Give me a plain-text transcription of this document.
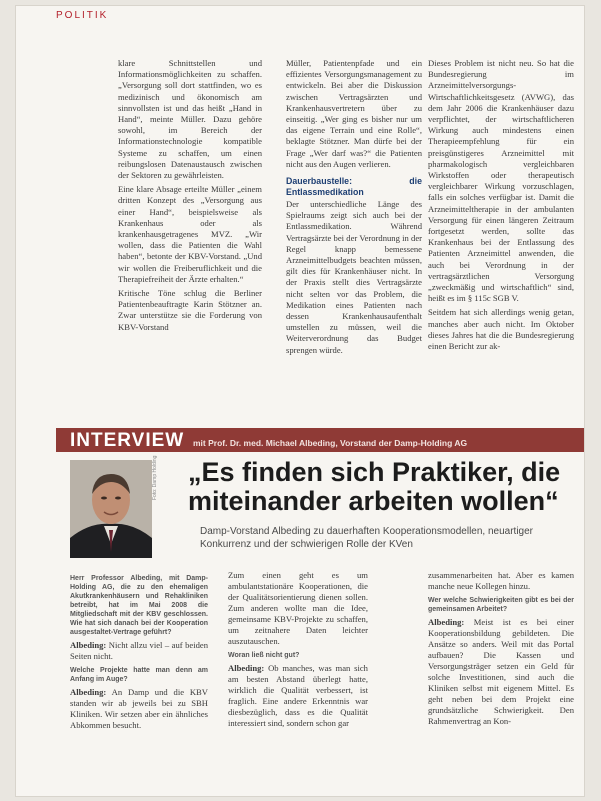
POLITIK

klare Schnittstellen und Informationsmöglichkeiten zu schaffen. „Versorgung soll dort stattfinden, wo es medizinisch und ökonomisch am sinnvollsten ist und das heißt „Hand in Hand“, meinte Müller. Dazu gehöre sowohl, im Bereich der Informationstechnologie kompatible Systeme zu schaffen, um einen reibungslosen Datenaustausch zwischen der Sektoren zu gewährleisten.

Eine klare Absage erteilte Müller „einem dritten Konzept des „Versorgung aus einer Hand“, beispielsweise als Krankenhaus oder als krankenhausgetragenes MVZ. „Wir wollen, dass die Patienten die Wahl haben“, betonte der KBV-Vorstand. „Und wir wollen die Freiberuflichkeit und die Therapiefreiheit der Ärzte erhalten.“

Kritische Töne schlug die Berliner Patientenbeauftragte Karin Stötzner an. Zwar unterstütze sie die Forderung von KBV-Vorstand

Müller, Patientenpfade und ein effizientes Versorgungsmanagement zu entwickeln. Bei aber die Diskussion zwischen Vertragsärzten und Krankenhausvertretern über zu einseitig. „Wer ging es bisher nur um das eigene Terrain und eine Rolle“, beklagte Stötzner. Man dürfe bei der Frage „Wer darf was?“ die Patienten nicht aus den Augen verlieren.

Dauerbaustelle: die Entlassmedikation

Der unterschiedliche Länge des Spielraums zeigt sich auch bei der Entlassmedikation. Während Vertragsärzte bei der Verordnung in der Regel knapp bemessene Arzneimittelbudgets beachten müssen, gilt dies für Krankenhäuser nicht. In der Praxis stellt dies Vertragsärzte nicht selten vor das Problem, die Medikation eines Patienten nach dessen Krankenhausaufenthalt umstellen zu müssen, weil die Weiterverordnung das Budget sprengen würde.

Dieses Problem ist nicht neu. So hat die Bundesregierung im Arzneimittelversorgungs-Wirtschaftlichkeitsgesetz (AVWG), das dem Jahr 2006 die Krankenhäuser dazu verpflichtet, der wirtschaftlicheren Wirkung auch mindestens einen Therapieempfehlung für ein preisgünstigeres Arzneimittel mit pharmakologisch vergleichbaren Wirkstoffen oder therapeutisch vergleichbarer Wirkung vorzuschlagen, falls ein solches verfügbar ist. Damit die Arzneimitteltherapie in der ambulanten Versorgung für einen längeren Zeitraum fortgesetzt werden, sollte das Krankenhaus bei der Entlassung des Patienten Arzneimittel anwenden, die auch bei Verordnung in der vertragsärztlichen Versorgung „zweckmäßig und wirtschaftlich“ sind, heißt es im § 115c SGB V.

Seitdem hat sich allerdings wenig getan, manches aber auch nicht. Im Oktober dieses Jahres hat die die Bundesregierung einen Bericht zur ak-

INTERVIEW mit Prof. Dr. med. Michael Albeding, Vorstand der Damp-Holding AG
Foto: Damp Holding „Es finden sich Praktiker, die
miteinander arbeiten wollen“
Damp-Vorstand Albeding zu dauerhaften Kooperationsmodellen, neuartiger Konkurrenz und der schwierigen Rolle der KVen
Herr Professor Albeding, mit Damp-Holding AG, die zu den ehemaligen Akutkrankenhäusern und Rehakliniken betreibt, hat im Mai 2008 die Mitgliedschaft mit der KBV geschlossen. Wie hat sich danach bei der Kooperation ausgestaltet-Vertrage geführt?

Albeding: Nicht allzu viel – auf beiden Seiten nicht.

Welche Projekte hatte man denn am Anfang im Auge?

Albeding: An Damp und die KBV standen wir ab jeweils bei zu SBH Kliniken. Wir setzen aber ein ähnliches Abkommen besucht.

Zum einen geht es um ambulantstationäre Kooperationen, die der Qualitätsorientierung dienen sollen. Zum anderen wollte man die Idee, gemeinsame KBV-Projekte zu schaffen, um zeitnahere Daten leichter auszutauschen.

Woran ließ nicht gut?

Albeding: Ob manches, was man sich am besten Abstand überlegt hatte, wirklich die Qualität verbessert, ist fraglich. Eine andere Erkenntnis war diesbezüglich, dass es die Qualität interessiert sind, sondern schon gar

zusammenarbeiten hat. Aber es kamen manche neue Kollegen hinzu.

Wer welche Schwierigkeiten gibt es bei der gemeinsamen Arbeitet?

Albeding: Meist ist es bei einer Kooperationsbildung gebildeten. Die Ansätze so anders. Weil mit das Portal aufbauen? Die Kassen und Versorgungsträger setzen ein Geld für solche Investitionen, sind auch die Kliniken selbst mit eigenem Mittel. Es geht neben bei dem Projekt eine grundsätzliche Schwierigkeit. Den Rahmenvertrag an Kon-
